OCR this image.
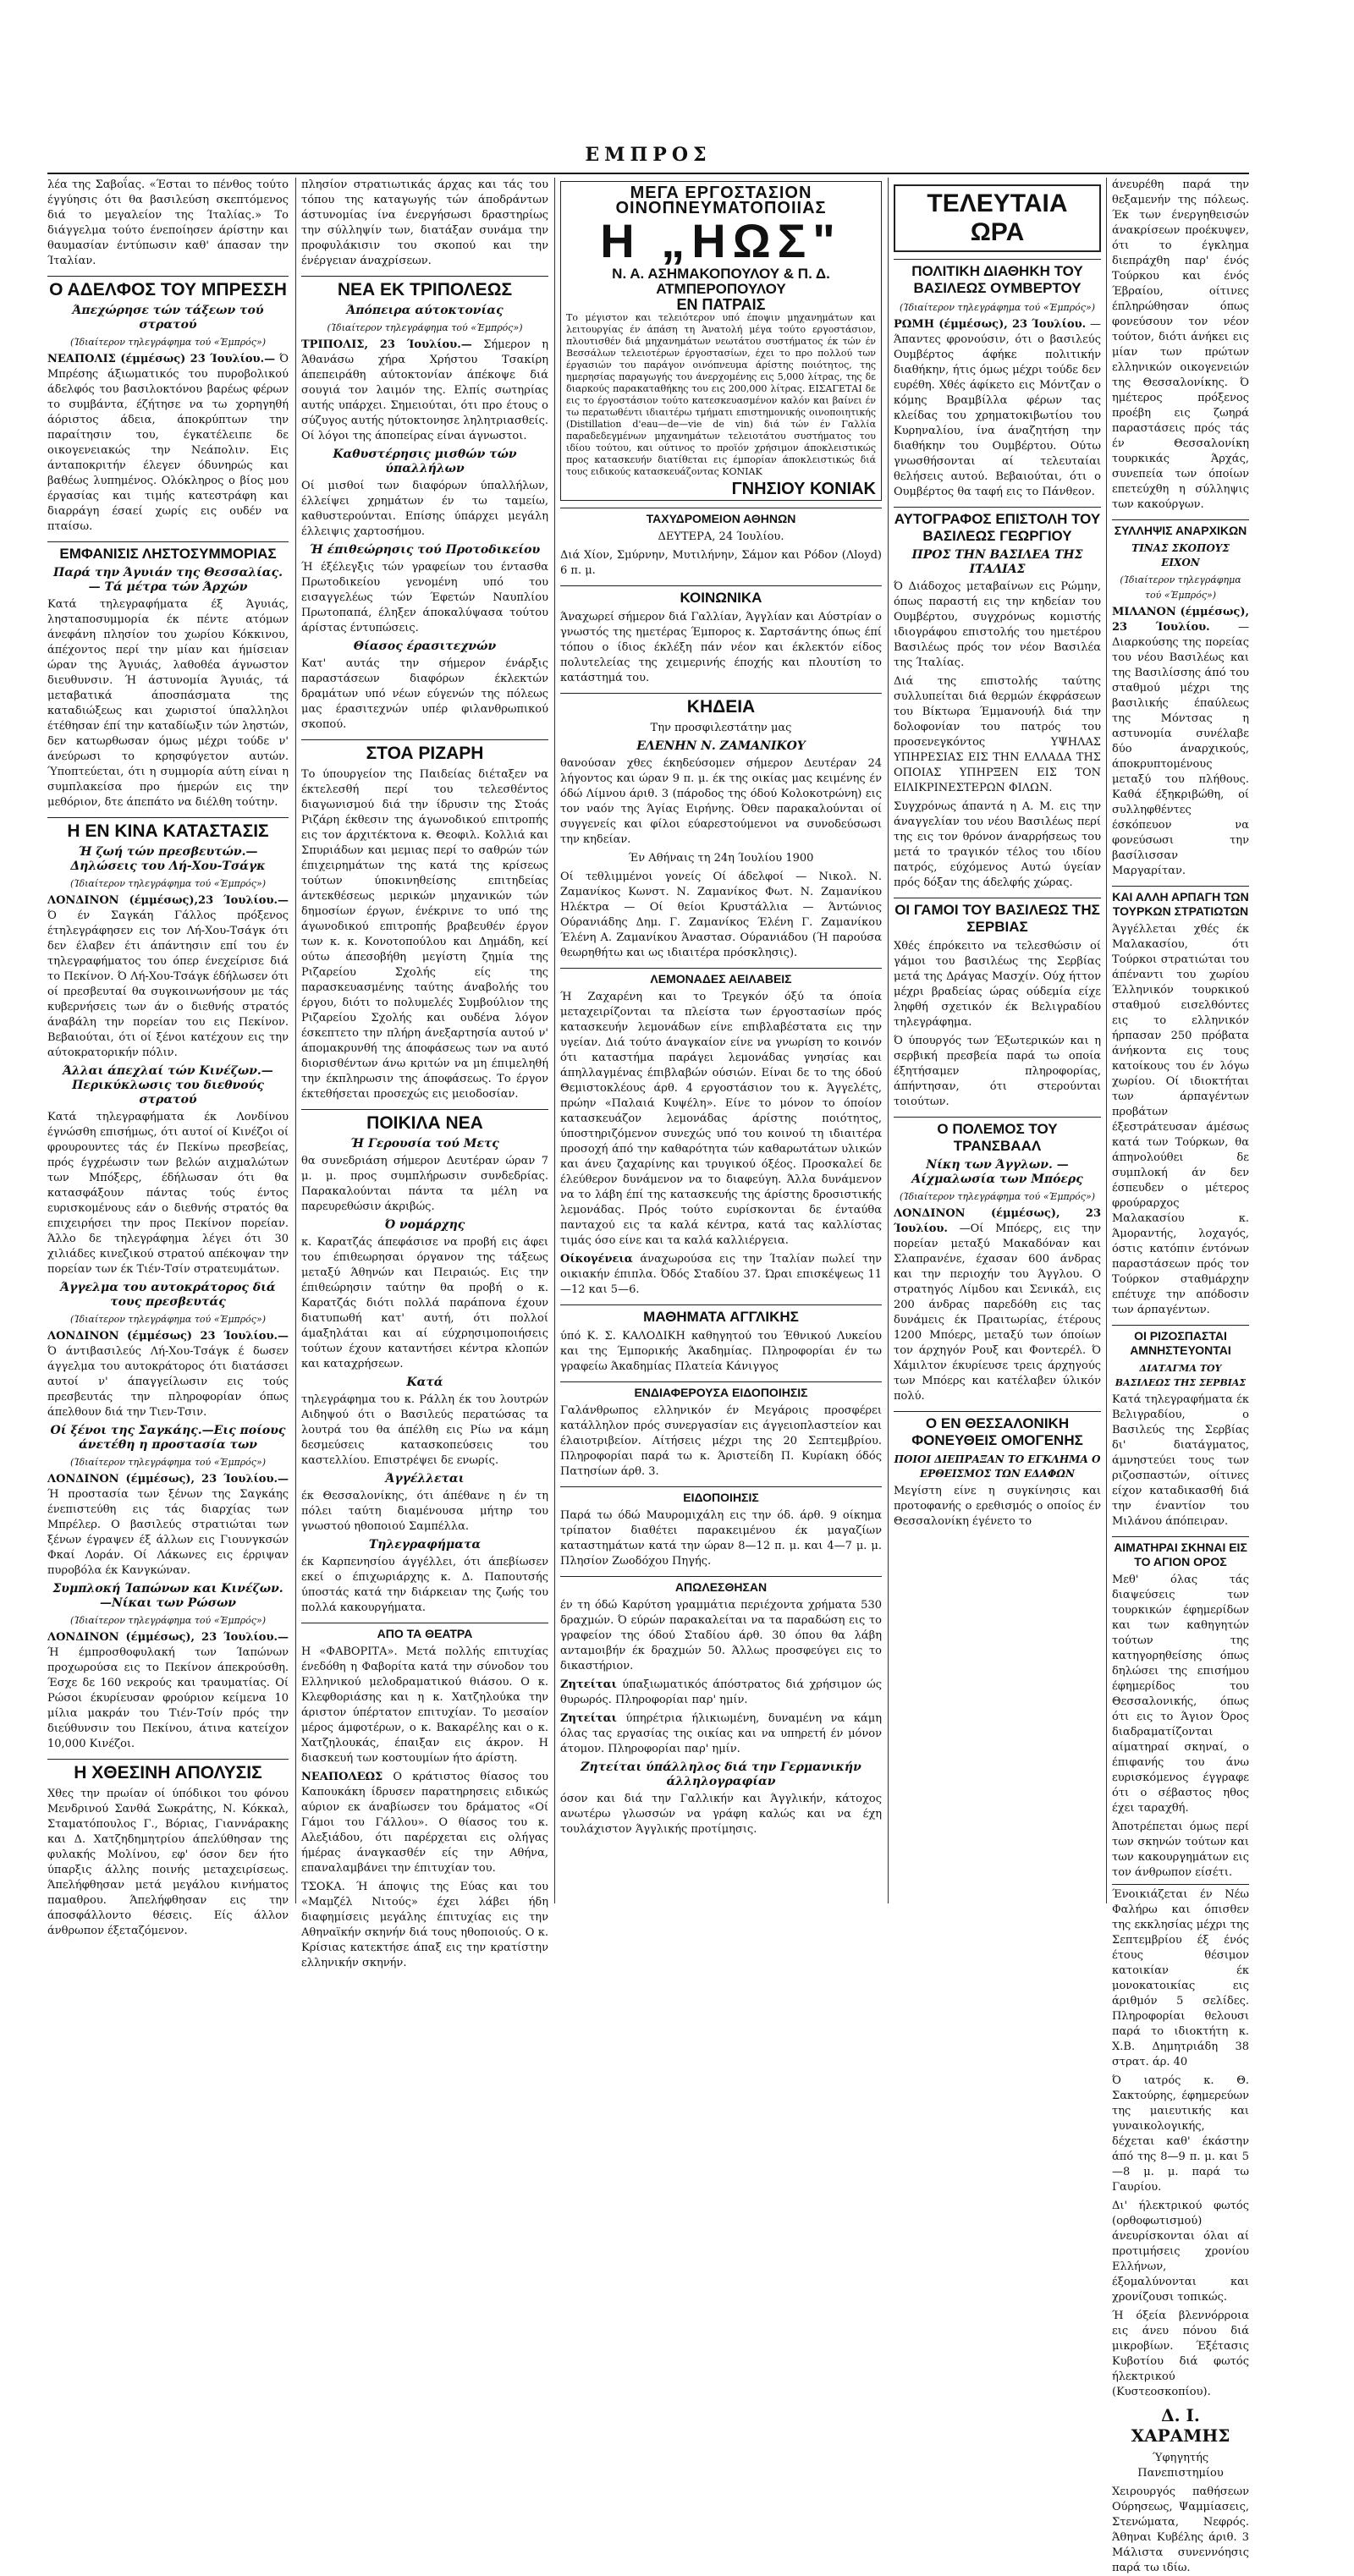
ΕΜΠΡΟΣ

λέα της Σαβοΐας. «Έσται το πένθος τούτο έγγύησις ότι θα βασιλεύση σκεπτόμενος διά το μεγαλείον της Ίταλίας.» Το διάγγελμα τούτο ένεποίησεν άρίστην και θαυμασίαν έντύπωσιν καθ' άπασαν την Ίταλίαν.

Ο ΑΔΕΛΦΟΣ ΤΟΥ ΜΠΡΕΣΣΗ
Άπεχώρησε τών τάξεων τού στρατού
(Ίδιαίτερον τηλεγράφημα τού «Έμπρός»)

ΝΕΑΠΟΛΙΣ (έμμέσως) 23 Ίουλίου.— Ό Μπρέσης άξιωματικός του πυροβολικού άδελφός του βασιλοκτόνου βαρέως φέρων το συμβάντα, έζήτησε να τω χορηγηθή άόριστος άδεια, άποκρύπτων την παραίτησιν του, έγκατέλειπε δε οικογενειακώς την Νεάπολιν. Εις άνταποκριτήν έλεγεν όδυνηρώς και βαθέως λυπημένος. Ολόκληρος ο βίος μου έργασίας και τιμής κατεστράφη και διαρράγη έσαεί χωρίς εις ουδέν να πταίσω.

ΕΜΦΑΝΙΣΙΣ ΛΗΣΤΟΣΥΜΜΟΡΙΑΣ
Παρά την Άγυιάν της Θεσσαλίας. — Τά μέτρα τών Άρχών

Κατά τηλεγραφήματα έξ Άγυιάς, λησταποσυμμορία έκ πέντε ατόμων άνεφάνη πλησίον του χωρίου Κόκκινου, άπέχοντος περί την μίαν και ήμίσειαν ώραν της Άγυιάς, λαθοθέα άγνωστον διευθυνσιν. Ή άστυνομία Άγυιάς, τά μεταβατικά άποσπάσματα της καταδιώξεως και χωριστοί ύπαλληλοι έτέθησαν έπί την καταδίωξιν τών ληστών, δεν κατωρθωσαν όμως μέχρι τούδε ν' άνεύρωσι το κρησφύγετον αυτών. Ύποπτεύεται, ότι η συμμορία αύτη είναι η συμπλακείσα προ ήμερών εις την μεθόριον, δτε άπεπάτο να διέλθη τούτην.

Η ΕΝ ΚΙΝΑ ΚΑΤΑΣΤΑΣΙΣ
Ή ζωή τών πρεσβευτών.— Δηλώσεις του Λή-Χου-Τσάγκ
(Ίδιαίτερον τηλεγράφημα τού «Έμπρός»)

ΛΟΝΔΙΝΟΝ (έμμέσως),23 Ίουλίου.— Ό έν Σαγκάη Γάλλος πρόξενος έτηλεγράφησεν εις τον Λή-Χου-Τσάγκ ότι δεν έλαβεν έτι άπάντησιν επί του έν τηλεγραφήματος του όπερ ένεχείρισε διά το Πεκίνον. Ό Λή-Χου-Τσάγκ έδήλωσεν ότι οί πρεσβευταί θα συγκοινωνήσουν με τάς κυβερνήσεις των άν ο διεθνής στρατός άναβάλη την πορείαν του εις Πεκίνον. Βεβαιούται, ότι οί ξένοι κατέχουν εις την αύτοκρατορικήν πόλιν.

Άλλαι άπεχλαί τών Κινέζων.— Περικύκλωσις του διεθνούς στρατού

Κατά τηλεγραφήματα έκ Λονδίνου έγνώσθη επισήμως, ότι αυτοί οί Κινέζοι οί φρουρουντες τάς έν Πεκίνω πρεσβείας, πρός έγχρέωσιν των βελών αιχμαλώτων των Μπόξερς, έδήλωσαν ότι θα κατασφάξουν πάντας τούς έντος ευρισκομένους εάν ο διεθνής στρατός θα επιχειρήσει την προς Πεκίνον πορείαν. Άλλο δε τηλεγράφημα λέγει ότι 30 χιλιάδες κινεζικού στρατού απέκοψαν την πορείαν των έκ Τιέν-Τσίν στρατευμάτων.

Άγγελμα του αυτοκράτορος διά τους πρεσβευτάς
(Ίδιαίτερον τηλεγράφημα τού «Έμπρός»)

ΛΟΝΔΙΝΟΝ (έμμέσως) 23 Ίουλίου.— Ό άντιβασιλεύς Λή-Χου-Τσάγκ έ δωσεν άγγελμα του αυτοκράτορος ότι διατάσσει αυτοί ν' άπαγγείλωσιν εις τούς πρεσβευτάς την πληροφορίαν όπως άπελθουν διά την Τιεν-Τσιν.

Οί ξένοι της Σαγκάης.—Εις ποίους άνετέθη η προστασία των
(Ίδιαίτερον τηλεγράφημα τού «Έμπρός»)

ΛΟΝΔΙΝΟΝ (έμμέσως), 23 Ίουλίου.— Ή προστασία των ξένων της Σαγκάης ένεπιστεύθη εις τάς διαρχίας των Μπρέλερ. Ο βασιλεύς στρατιώται των ξένων έγραψεν έξ άλλων εις Γιουνγκσών Φκαί Λοράν. Οί Λάκωνες εις έρριψαν πυροβόλα έκ Κανγκώναν.

Συμπλοκή Ίαπώνων και Κινέζων.—Νίκαι των Ρώσων
(Ίδιαίτερον τηλεγράφημα τού «Έμπρός»)

ΛΟΝΔΙΝΟΝ (έμμέσως), 23 Ίουλίου.— Ή έμπροσθοφυλακή των Ίαπώνων προχωρούσα εις το Πεκίνον άπεκρούσθη. Έσχε δε 160 νεκρούς και τραυματίας. Οί Ρώσοι έκυρίευσαν φρούριον κείμενα 10 μίλια μακράν του Τιέν-Τσίν πρός την διεύθυνσιν του Πεκίνου, άτινα κατείχον 10,000 Κινέζοι.

Η ΧΘΕΣΙΝΗ ΑΠΟΛΥΣΙΣ

Χθες την πρωίαν οί ύπόδικοι του φόνου Μενδρινού Σανθά Σωκράτης, Ν. Κόκκαλ, Σταματόπουλος Γ., Βόριας, Γιαννάρακης και Δ. Χατζηδημητρίου άπελύθησαν της φυλακής Μολίνου, εφ' όσον δεν ήτο ύπαρξις άλλης ποινής μεταχειρίσεως. Άπελήφθησαν μετά μεγάλου κινήματος παμαθρου. Άπελήφθησαν εις την άποσφάλλοντο θέσεις. Είς άλλον άνθρωπον έξεταζόμενον.

πλησίον στρατιωτικάς άρχας και τάς του τόπου της καταγωγής τών άποδράντων άστυνομίας ίνα ένεργήσωσι δραστηρίως την σύλληψίν των, διατάξαν συνάμα την προφυλάκισιν του σκοπού και την ένέργειαν άναχρίσεων.

ΝΕΑ ΕΚ ΤΡΙΠΟΛΕΩΣ
Άπόπειρα αύτοκτονίας
(Ίδιαίτερον τηλεγράφημα τού «Έμπρός»)

ΤΡΙΠΟΛΙΣ, 23 Ίουλίου.— Σήμερον η Άθανάσω χήρα Χρήστου Τσακίρη άπεπειράθη αύτοκτονίαν άπέκοψε διά σουγιά τον λαιμόν της. Ελπίς σωτηρίας αυτής υπάρχει. Σημειούται, ότι προ έτους ο σύζυγος αυτής ηύτοκτονησε ληλητριασθείς. Οί λόγοι της άποπείρας είναι άγνωστοι.

Καθυστέρησις μισθών τών ύπαλλήλων

Οί μισθοί των διαφόρων ύπαλλήλων, έλλείψει χρημάτων έν τω ταμείω, καθυστερούνται. Επίσης ύπάρχει μεγάλη έλλειψις χαρτοσήμου.

Ή έπιθεώρησις τού Προτοδικείου

Ή έξέλεγξις τών γραφείων του έντασθα Πρωτοδικείου γενομένη υπό του εισαγγελέως τών Έφετών Ναυπλίου Πρωτοπαπά, έληξεν άποκαλύψασα τούτου άρίστας έντυπώσεις.

Θίασος έρασιτεχνών

Κατ' αυτάς την σήμερον ένάρξις παραστάσεων διαφόρων έκλεκτών δραμάτων υπό νέων εύγενών της πόλεως μας έρασιτεχνών υπέρ φιλανθρωπικού σκοπού.

ΣΤΟΑ ΡΙΖΑΡΗ

Το ύπουργείον της Παιδείας διέταξεν να έκτελεσθή περί του τελεσθέντος διαγωνισμού διά την ίδρυσιν της Στοάς Ριζάρη έκθεσιν της άγωνοδικού επιτροπής εις τον άρχιτέκτονα κ. Θεοφιλ. Κολλιά και Σπυριάδων και μεμιας περί το σαθρών τών έπιχειρημάτων της κατά της κρίσεως τούτων ύποκινηθείσης επιτηδείας άντεκθέσεως μερικών μηχανικών τών δημοσίων έργων, ένέκρινε το υπό της άγωνοδικού επιτροπής βραβευθέν έργον των κ. κ. Κονοτοπούλου και Δημάδη, κεί ούτω άπεσοβήθη μεγίστη ζημία της Ριζαρείου Σχολής είς της παρασκευασμένης ταύτης άναβολής του έργου, διότι το πολυμελές Συμβούλιον της Ριζαρείου Σχολής και ουδένα λόγον έσκεπτετο την πλήρη άνεξαρτησία αυτού ν' άπομακρυνθή της άποφάσεως των να αυτό διορισθέντων άνω κριτών να μη έπιμεληθή την έκπληρωσιν της άποφάσεως. Το έργον έκτεθήσεται προσεχώς εις μειοδοσίαν.

ΠΟΙΚΙΛΑ ΝΕΑ
Ή Γερουσία τού Μετς

θα συνεδριάση σήμερον Δευτέραν ώραν 7 μ. μ. προς συμπλήρωσιν συνδεδρίας. Παρακαλούνται πάντα τα μέλη να παρευρεθώσιν άκριβώς.

Ό νομάρχης

κ. Καρατζάς άπεφάσισε να προβή εις άφει του έπιθεωρησαι όργανον της τάξεως μεταξύ Άθηνών και Πειραιώς. Εις την έπιθεώρησιν ταύτην θα προβή ο κ. Καρατζάς διότι πολλά παράπονα έχουν διατυπωθή κατ' αυτή, ότι πολλοί άμαξηλάται και αί εύχρησιμοποιήσεις τούτων έχουν καταντήσει κέντρα κλοπών και καταχρήσεων.

Κατά

τηλεγράφημα του κ. Ράλλη έκ του λουτρών Αιδηψού ότι ο Βασιλεύς περατώσας τα λουτρά του θα άπέλθη εις Ρίω να κάμη δεσμεύσεις κατασκοπεύσεις του καστελλίου. Επιστρέψει δε ενωρίς.

Άγγέλλεται

έκ Θεσσαλονίκης, ότι άπέθανε η έν τη πόλει ταύτη διαμένουσα μήτηρ του γνωστού ηθοποιού Σαμπέλλα.

Τηλεγραφήματα

έκ Καρπενησίου άγγέλλει, ότι άπεβίωσεν εκεί ο έπιχωριάρχης κ. Δ. Παπουτσής ύποστάς κατά την διάρκειαν της ζωής του πολλά κακουργήματα.

ΑΠΟ ΤΑ ΘΕΑΤΡΑ

Η «ΦΑΒΟΡΙΤΑ». Μετά πολλής επιτυχίας ένεδόθη η Φαβορίτα κατά την σύνοδον του Ελληνικού μελοδραματικού θιάσου. Ο κ. Κλεφθοριάσης και η κ. Χατζηλούκα την άριστον ύπέρτατον επιτυχίαν. Το μεσαίον μέρος άμφοτέρων, ο κ. Βακαρέλης και ο κ. Χατζηλουκάς, έπαιξαν εις άκρον. Η διασκευή των κοστουμίων ήτο άρίστη.

ΝΕΑΠΟΛΕΩΣ Ο κράτιστος θίασος του Καπουκάκη ίδρυσεν παρατηρησεις ειδικώς αύριον εκ άναβίωσεν του δράματος «Οί Γάμοι του Γάλλου». Ο θίασος του κ. Αλεξιάδου, ότι παρέρχεται εις ολήγας ήμέρας άναγκασθέν είς την Αθήνα, επαναλαμβάνει την έπιτυχίαν του.

ΤΣΟΚΑ. Ή άποψις της Εύας και του «Μαμζέλ Νιτούς» έχει λάβει ήδη διαφημίσεις μεγάλης έπιτυχίας εις την Αθηναϊκήν σκηνήν διά τους ηθοποιούς. Ο κ. Κρίσιας κατεκτήσε άπαξ εις την κρατίστην ελληνικήν σκηνήν.

ΜΕΓΑ ΕΡΓΟΣΤΑΣΙΟΝ ΟΙΝΟΠΝΕΥΜΑΤΟΠΟΙΙΑΣ
Η „ΗΩΣ"
Ν. Α. ΑΣΗΜΑΚΟΠΟΥΛΟΥ & Π. Δ. ΑΤΜΠΕΡΟΠΟΥΛΟΥ
ΕΝ ΠΑΤΡΑΙΣ

Το μέγιστον και τελειότερον υπό έποψιν μηχανημάτων και λειτουργίας έν άπάση τη Άνατολή μέγα τούτο εργοστάσιον, πλουτισθέν διά μηχανημάτων νεωτάτου συστήματος έκ τών έν Βεσσάλων τελειοτέρων έργοστασίων, έχει το προ πολλού των έργασιών του παράγον οινόπνευμα άρίστης ποιότητος, της ημερησίας παραγωγής του άνερχομένης εις 5,000 λίτρας, της δε διαρκούς παρακαταθήκης του εις 200,000 λίτρας. ΕΙΣΑΓΕΤΑΙ δε εις το έργοστάσιον τούτο κατεσκευασμένον καλόν και βαίνει έν τω περατωθέντι ιδιαιτέρω τμήματι επιστημονικής οινοποιητικής (Distillation d'eau—de—vie de vin) διά τών έν Γαλλία παραδεδεγμένων μηχανημάτων τελειοτάτου συστήματος του ιδίου τούτου, και ούτινος το προϊόν χρήσιμον άποκλειστικώς προς κατασκευήν διατίθεται εις έμπορίαν άποκλειστικώς διά τους ειδικούς κατασκευάζοντας ΚΟΝΙΑΚ

ΓΝΗΣΙΟΥ ΚΟΝΙΑΚ
ΤΑΧΥΔΡΟΜΕΙΟΝ ΑΘΗΝΩΝ

ΔΕΥΤΕΡΑ, 24 Ίουλίου.

Διά Χίον, Σμύρνην, Μυτιλήνην, Σάμον και Ρόδον (Λloyd) 6 π. μ.

ΚΟΙΝΩΝΙΚΑ

Άναχωρεί σήμερον διά Γαλλίαν, Άγγλίαν και Αύστρίαν ο γνωστός της ημετέρας Έμπορος κ. Σαρτσάντης όπως έπί τόπου ο ίδιος έκλέξη πάν νέον και έκλεκτόν είδος πολυτελείας της χειμερινής έποχής και πλουτίση το κατάστημά του.

ΚΗΔΕΙΑ

Την προσφιλεστάτην μας

ΕΛΕΝΗΝ Ν. ΖΑΜΑΝΙΚΟΥ

θανούσαν χθες έκηδεύσομεν σήμερον Δευτέραν 24 λήγοντος και ώραν 9 π. μ. έκ της οικίας μας κειμένης έν όδώ Λίμνου άριθ. 3 (πάροδος της όδού Κολοκοτρώνη) εις τον ναόν της Άγίας Ειρήνης. Όθεν παρακαλούνται οί συγγενείς και φίλοι εύαρεστούμενοι να συνοδεύσωσι την κηδείαν.

Έν Αθήναις τη 24η Ίουλίου 1900

Οί τεθλιμμένοι γονείς Οί άδελφοί — Νικολ. Ν. Ζαμανίκος Κωνστ. Ν. Ζαμανίκος Φωτ. Ν. Ζαμανίκου Ηλέκτρα — Οί θείοι Κρυστάλλια — Άντώνιος Ούρανιάδης Δημ. Γ. Ζαμανίκος Έλένη Γ. Ζαμανίκου Έλένη Α. Ζαμανίκου Άναστασ. Ούρανιάδου (Ή παρούσα θεωρηθήτω και ως ιδιαιτέρα πρόσκλησις).

ΛΕΜΟΝΑΔΕΣ ΑΕΙΛΑΒΕΙΣ

Ή Ζαχαρένη και το Τρεγκόν όξύ τα όποία μεταχειρίζονται τα πλείστα των έργοστασίων πρός κατασκευήν λεμονάδων είνε επιβλαβέστατα εις την υγείαν. Διά τούτο άναγκαίον είνε να γνωρίση το κοινόν ότι καταστήμα παράγει λεμονάδας γνησίας και άπηλλαγμένας έπιβλαβών ούσιών. Είναι δε το της όδού Θεμιστοκλέους άρθ. 4 εργοστάσιον του κ. Άγγελέτς, πρώην «Παλαιά Κυψέλη». Είνε το μόνον το όποίον κατασκευάζον λεμονάδας άρίστης ποιότητος, ύποστηριζόμενον συνεχώς υπό του κοινού τη ιδιαιτέρα προσοχή άπό την καθαρότητα τών καθαρωτάτων υλικών και άνευ ζαχαρίνης και τρυγικού όξέος. Προσκαλεί δε έλεύθερον δυνάμενον να το διαφεύγη. Άλλα δυνάμενον να το λάβη έπί της κατασκευής της άρίστης δροσιστικής λεμονάδας. Πρός τούτο ευρίσκονται δε ένταύθα πανταχού εις τα καλά κέντρα, κατά τας καλλίστας τιμάς όσο είνε και τα καλά καλλιέργεια.

Οίκογένεια άναχωρούσα εις την Ίταλίαν πωλεί την οικιακήν έπιπλα. Όδός Σταδίου 37. Ώραι επισκέψεως 11—12 και 5—6.

ΜΑΘΗΜΑΤΑ ΑΓΓΛΙΚΗΣ

ύπό Κ. Σ. ΚΑΛΟΔΙΚΗ καθηγητού του Έθνικού Λυκείου και της Έμπορικής Άκαδημίας. Πληροφορίαι έν τω γραφείω Άκαδημίας Πλατεία Κάνιγγος

ΕΝΔΙΑΦΕΡΟΥΣΑ ΕΙΔΟΠΟΙΗΣΙΣ

Γαλάνθρωπος ελληνικόν έν Μεγάροις προσφέρει κατάλληλον πρός συνεργασίαν εις άγγειοπλαστείον και έλαιοτριβείον. Αίτήσεις μέχρι της 20 Σεπτεμβρίου. Πληροφορίαι παρά τω κ. Άριστείδη Π. Κυρίακη όδός Πατησίων άρθ. 3.

ΕΙΔΟΠΟΙΗΣΙΣ

Παρά τω όδώ Μαυρομιχάλη εις την όδ. άρθ. 9 οίκημα τρίπατον διαθέτει παρακειμένου έκ μαγαζίων καταστημάτων κατά την ώραν 8—12 π. μ. και 4—7 μ. μ. Πλησίον Ζωοδόχου Πηγής.

ΑΠΩΛΕΣΘΗΣΑΝ

έν τη όδώ Καρύτση γραμμάτια περιέχοντα χρήματα 530 δραχμών. Ό εύρών παρακαλείται να τα παραδώση εις το γραφείον της όδού Σταδίου άρθ. 30 όπου θα λάβη ανταμοιβήν έκ δραχμών 50. Άλλως προσφεύγει εις το δικαστήριον.

Ζητείται ύπαξιωματικός άπόστρατος διά χρήσιμον ώς θυρωρός. Πληροφορίαι παρ' ημίν.

Ζητείται ύπηρέτρια ήλικιωμένη, δυναμένη να κάμη όλας τας εργασίας της οικίας και να υπηρετή έν μόνον άτομον. Πληροφορίαι παρ' ημίν.

Ζητείται ύπάλληλος διά την Γερμανικήν άλληλογραφίαν

όσον και διά την Γαλλικήν και Άγγλικήν, κάτοχος ανωτέρω γλωσσών να γράφη καλώς και να έχη τουλάχιστον Άγγλικής προτίμησις.

ΤΕΛΕΥΤΑΙΑ ΩΡΑ
ΠΟΛΙΤΙΚΗ ΔΙΑΘΗΚΗ ΤΟΥ ΒΑΣΙΛΕΩΣ ΟΥΜΒΕΡΤΟΥ
(Ίδιαίτερον τηλεγράφημα τού «Έμπρός»)

ΡΩΜΗ (έμμέσως), 23 Ίουλίου. —Άπαντες φρονούσιν, ότι ο βασιλεύς Ουμβέρτος άφήκε πολιτικήν διαθήκην, ήτις όμως μέχρι τούδε δεν ευρέθη. Χθές άφίκετο εις Μόντζαν ο κόμης Βραμβίλλα φέρων τας κλείδας του χρηματοκιβωτίου του Κυρηναλίου, ίνα άναζητήση την διαθήκην του Ουμβέρτου. Ούτω γνωσθήσονται αί τελευταίαι θελήσεις αυτού. Βεβαιούται, ότι ο Ουμβέρτος θα ταφή εις το Πάνθεον.

ΑΥΤΟΓΡΑΦΟΣ ΕΠΙΣΤΟΛΗ ΤΟΥ ΒΑΣΙΛΕΩΣ ΓΕΩΡΓΙΟΥ
ΠΡΟΣ ΤΗΝ ΒΑΣΙΛΕΑ ΤΗΣ ΙΤΑΛΙΑΣ

Ό Διάδοχος μεταβαίνων εις Ρώμην, όπως παραστή εις την κηδείαν του Ουμβέρτου, συγχρόνως κομιστής ιδιογράφου επιστολής του ημετέρου Βασιλέως πρός τον νέον Βασιλέα της Ίταλίας.

Διά της επιστολής ταύτης συλλυπείται διά θερμών έκφράσεων του Βίκτωρα Έμμανουήλ διά την δολοφονίαν του πατρός του προσενεγκόντος ΥΨΗΛΑΣ ΥΠΗΡΕΣΙΑΣ ΕΙΣ ΤΗΝ ΕΛΛΑΔΑ ΤΗΣ ΟΠΟΙΑΣ ΥΠΗΡΞΕΝ ΕΙΣ ΤΟΝ ΕΙΛΙΚΡΙΝΕΣΤΕΡΩΝ ΦΙΛΩΝ.

Συγχρόνως άπαντά η Α. Μ. εις την άναγγελίαν του νέου Βασιλέως περί της εις τον θρόνον άναρρήσεως του μετά το τραγικόν τέλος του ιδίου πατρός, εύχόμενος Αυτώ ύγείαν πρός δόξαν της άδελφής χώρας.

ΟΙ ΓΑΜΟΙ ΤΟΥ ΒΑΣΙΛΕΩΣ ΤΗΣ ΣΕΡΒΙΑΣ

Χθές έπρόκειτο να τελεσθώσιν οί γάμοι του βασιλέως της Σερβίας μετά της Δράγας Μασχίν. Ούχ ήττον μέχρι βραδείας ώρας ούδεμία είχε ληφθή σχετικόν έκ Βελιγραδίου τηλεγράφημα.

Ό ύπουργός των Έξωτερικών και η σερβική πρεσβεία παρά τω οποία έξητήσαμεν πληροφορίας, άπήντησαν, ότι στερούνται τοιούτων.

Ο ΠΟΛΕΜΟΣ ΤΟΥ ΤΡΑΝΣΒΑΑΛ
Νίκη των Άγγλων. — Αίχμαλωσία των Μπόερς
(Ίδιαίτερον τηλεγράφημα τού «Έμπρός»)

ΛΟΝΔΙΝΟΝ (έμμέσως), 23 Ίουλίου. —Οί Μπόερς, εις την πορείαν μεταξύ Μακαδόναν και Σλαπρανένε, έχασαν 600 άνδρας και την περιοχήν του Άγγλου. Ο στρατηγός Λίμδου και Σενικάλ, εις 200 άνδρας παρεδόθη εις τας δυνάμεις έκ Πραιτωρίας, έτέρους 1200 Μπόερς, μεταξύ των όποίων τον άρχηγόν Ρουξ και Φοντερέλ. Ό Χάμιλτον έκυρίευσε τρεις άρχηγούς των Μπόερς και κατέλαβεν ύλικόν πολύ.

Ο ΕΝ ΘΕΣΣΑΛΟΝΙΚΗ ΦΟΝΕΥΘΕΙΣ ΟΜΟΓΕΝΗΣ
ΠΟΙΟΙ ΔΙΕΠΡΑΞΑΝ ΤΟ ΕΓΚΛΗΜΑ Ο ΕΡΘΕΙΣΜΟΣ ΤΩΝ ΕΔΑΦΩΝ

Μεγίστη είνε η συγκίνησις και προτοφανής ο ερεθισμός ο οποίος έν Θεσσαλονίκη έγένετο το

άνευρέθη παρά την θεξαμενήν της πόλεως. Έκ των ένεργηθεισών άνακρίσεων προέκυψεν, ότι το έγκλημα διεπράχθη παρ' ένός Τούρκου και ένός Έβραίου, οίτινες έπληρώθησαν όπως φονεύσουν τον νέον τούτον, διότι άνήκει εις μίαν των πρώτων ελληνικών οικογενειών της Θεσσαλονίκης. Ό ημέτερος πρόξενος προέβη εις ζωηρά παραστάσεις πρός τάς έν Θεσσαλονίκη τουρκικάς Άρχάς, συνεπεία των όποίων επετεύχθη η σύλληψις των κακούργων.

ΣΥΛΛΗΨΙΣ ΑΝΑΡΧΙΚΩΝ
ΤΙΝΑΣ ΣΚΟΠΟΥΣ ΕΙΧΟΝ
(Ίδιαίτερον τηλεγράφημα τού «Έμπρός»)

ΜΙΛΑΝΟΝ (έμμέσως), 23 Ίουλίου.	—Διαρκούσης της πορείας του νέου Βασιλέως και της Βασιλίσσης άπό του σταθμού μέχρι της βασιλικής έπαύλεως της Μόντσας η αστυνομία συνέλαβε δύο άναρχικούς, άποκρυπτομένους μεταξύ του πλήθους. Καθά έξηκριβώθη, οί συλληφθέντες έσκόπευον να φονεύσωσι την βασίλισσαν Μαργαρίταν.

ΚΑΙ ΑΛΛΗ ΑΡΠΑΓΗ ΤΩΝ ΤΟΥΡΚΩΝ ΣΤΡΑΤΙΩΤΩΝ

Άγγέλλεται χθές έκ Μαλακασίου, ότι Τούρκοι στρατιώται του άπέναντι του χωρίου Έλληνικόν τουρκικού σταθμού εισελθόντες εις το ελληνικόν ήρπασαν 250 πρόβατα άνήκοντα εις τους κατοίκους του έν λόγω χωρίου. Οί ιδιοκτήται των άρπαγέντων προβάτων έξεστράτευσαν άμέσως κατά των Τούρκων, θα άπηνολούθει δε συμπλοκή άν δεν έσπευδεν ο μέτερος φρούραρχος Μαλακασίου κ. Άμοραντής, λοχαγός, όστις κατόπιν έντόνων παραστάσεων πρός τον Τούρκον σταθμάρχην επέτυχε την απόδοσιν των άρπαγέντων.

ΟΙ ΡΙΖΟΣΠΑΣΤΑΙ ΑΜΝΗΣΤΕΥΟΝΤΑΙ
ΔΙΑΤΑΓΜΑ ΤΟΥ ΒΑΣΙΛΕΩΣ ΤΗΣ ΣΕΡΒΙΑΣ

Κατά τηλεγραφήματα έκ Βελιγραδίου, ο Βασιλεύς της Σερβίας δι' διατάγματος, άμνηστεύει τους των ριζοσπαστών, οίτινες είχον καταδικασθή διά την έναντίον του Μιλάνου άπόπειραν.

ΑΙΜΑΤΗΡΑΙ ΣΚΗΝΑΙ ΕΙΣ ΤΟ ΑΓΙΟΝ ΟΡΟΣ

Μεθ' όλας τάς διαψεύσεις των τουρκικών έφημερίδων και των καθηγητών τούτων της κατηγορηθείσης όπως δηλώσει της επισήμου έφημερίδος του Θεσσαλονικής, όπως ότι εις το Άγιον Όρος διαδραματίζονται αίματηραί σκηναί, ο έπιφανής του άνω ευρισκόμενος έγγραφε ότι ο σέβαστος ηθος έχει ταραχθή.

Άποτρέπεται όμως περί των σκηνών τούτων και των κακουργημάτων εις τον άνθρωπον είσέτι.

Ένοικιάζεται έν Νέω Φαλήρω και όπισθεν της εκκλησίας μέχρι της Σεπτεμβρίου έξ ένός έτους θέσιμον κατοικίαν έκ μονοκατοικίας εις άριθμόν 5 σελίδες. Πληροφορίαι θελουσι παρά το ιδιοκτήτη κ. Χ.Β. Δημητριάδη 38 στρατ. άρ. 40

Ό ιατρός κ. Θ. Σακτούρης, έφημερεύων της μαιευτικής και γυναικολογικής, δέχεται καθ' έκάστην άπό της 8—9 π. μ. και 5—8 μ. μ. παρά τω Γαυρίου.

Δι' ήλεκτρικού φωτός (ορθοφωτισμού) άνευρίσκονται όλαι αί προτιμήσεις χρονίου Ελλήνων, έξομαλύνονται και χρονίζουσι τοπικώς.

Ή όξεία βλεννόρροια εις άνευ πόνου διά μικροβίων. Έξέτασις Κυβοτίου διά φωτός ήλεκτρικού (Κυστεοσκοπίου).

Δ. Ι. ΧΑΡΑΜΗΣ

Ύφηγητής Πανεπιστημίου

Χειρουργός παθήσεων Ούρησεως, Ψαμμίασεις, Στενώματα, Νεφρός. Άθηναι Κυβέλης άριθ. 3 Μάλιστα συνεννόησις παρά τω ιδίω.
